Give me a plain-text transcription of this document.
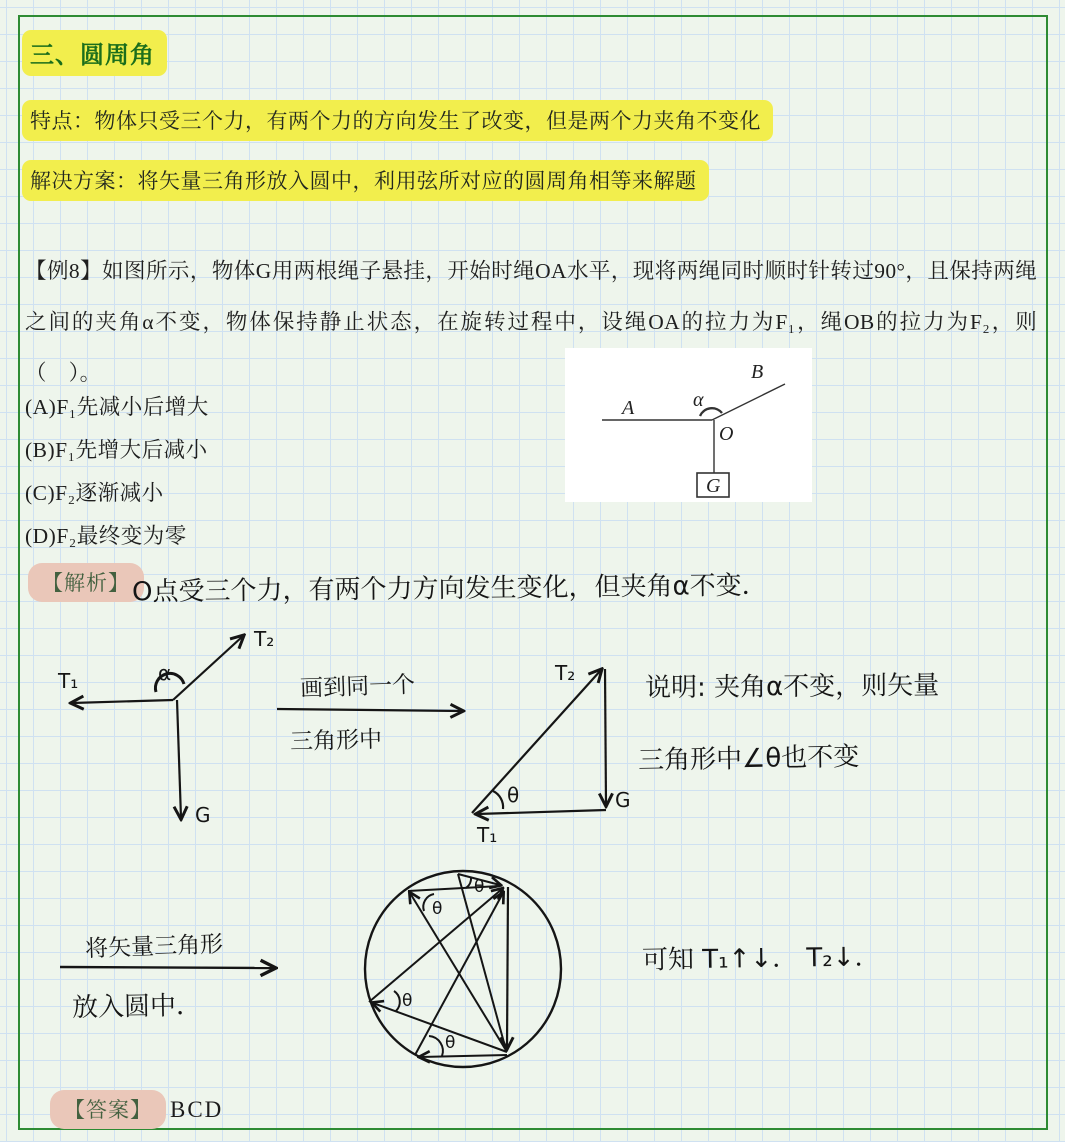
三、圆周角
特点：物体只受三个力，有两个力的方向发生了改变，但是两个力夹角不变化
解决方案：将矢量三角形放入圆中，利用弦所对应的圆周角相等来解题
【例8】如图所示，物体G用两根绳子悬挂，开始时绳OA水平，现将两绳同时顺时针转过90°，且保持两绳之间的夹角α不变，物体保持静止状态，在旋转过程中，设绳OA的拉力为F₁，绳OB的拉力为F₂，则（　）。
(A)F₁先减小后增大
(B)F₁先增大后减小
(C)F₂逐渐减小
(D)F₂最终变为零
A
B
O
G
α
【解析】 O点受三个力，有两个力方向发生变化，但夹角α不变．
T₁
T₂
G
α	画到同一个
三角形中
T₂
G
T₁
θ
说明: 夹角α不变，则矢量
三角形中∠θ也不变
将矢量三角形
放入圆中．
θ
θ
θ
θ
可知 T₁↑↓． T₂↓．
【答案】 BCD
